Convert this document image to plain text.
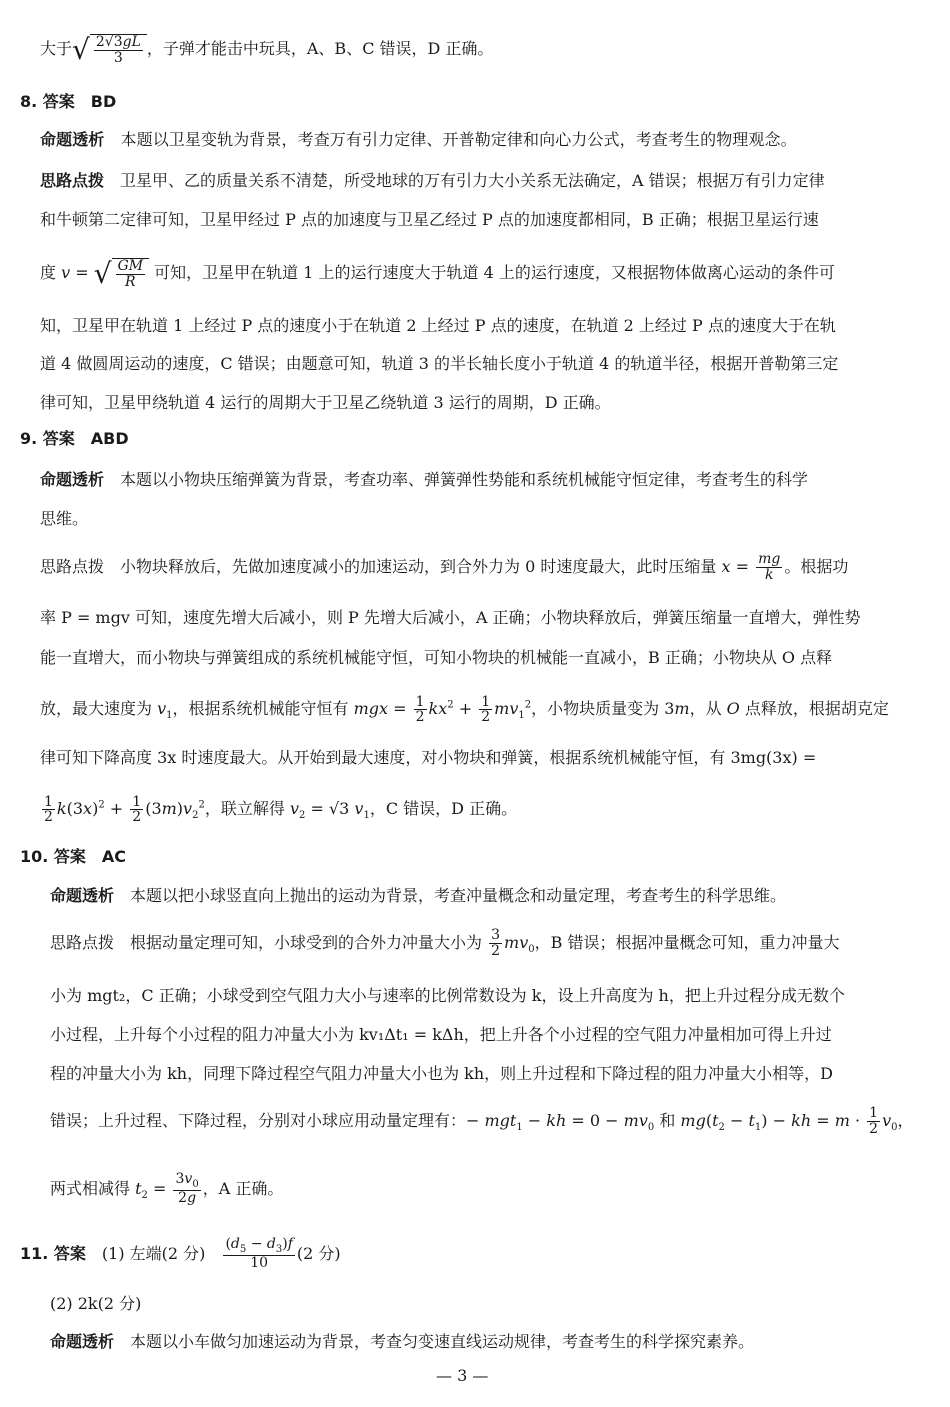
大于√ $\frac{2√3gL}{3}$ ，子弹才能击中玩具，A、B、C 错误，D 正确。
8. 答案　BD
命题透析　本题以卫星变轨为背景，考查万有引力定律、开普勒定律和向心力公式，考查考生的物理观念。
思路点拨　卫星甲、乙的质量关系不清楚，所受地球的万有引力大小关系无法确定，A 错误；根据万有引力定律
和牛顿第二定律可知，卫星甲经过 P 点的加速度与卫星乙经过 P 点的加速度都相同，B 正确；根据卫星运行速
度 v = √ $\frac{GM}{R}$ 可知，卫星甲在轨道 1 上的运行速度大于轨道 4 上的运行速度，又根据物体做离心运动的条件可
知，卫星甲在轨道 1 上经过 P 点的速度小于在轨道 2 上经过 P 点的速度，在轨道 2 上经过 P 点的速度大于在轨
道 4 做圆周运动的速度，C 错误；由题意可知，轨道 3 的半长轴长度小于轨道 4 的轨道半径，根据开普勒第三定
律可知，卫星甲绕轨道 4 运行的周期大于卫星乙绕轨道 3 运行的周期，D 正确。
9. 答案　ABD
命题透析　本题以小物块压缩弹簧为背景，考查功率、弹簧弹性势能和系统机械能守恒定律，考查考生的科学
思维。
思路点拨　小物块释放后，先做加速度减小的加速运动，到合外力为 0 时速度最大，此时压缩量 $x = \frac{mg}{k}$ 。根据功
率 P = mgv 可知，速度先增大后减小，则 P 先增大后减小，A 正确；小物块释放后，弹簧压缩量一直增大，弹性势
能一直增大，而小物块与弹簧组成的系统机械能守恒，可知小物块的机械能一直减小，B 正确；小物块从 O 点释
放，最大速度为 $v_1$，根据系统机械能守恒有 mgx = $\frac{1}{2} kx^2 + \frac{1}{2} mv_1^2$，小物块质量变为 3m，从 O 点释放，根据胡克定
律可知下降高度 3x 时速度最大。从开始到最大速度，对小物块和弹簧，根据系统机械能守恒，有 3mg(3x) =
$\frac{1}{2} k(3x)^2 + \frac{1}{2} (3m)v_2^2$，联立解得 $v_2 = √3$ $v_1$，C 错误，D 正确。
10. 答案　AC
命题透析　本题以把小球竖直向上抛出的运动为背景，考查冲量概念和动量定理，考查考生的科学思维。
思路点拨　根据动量定理可知，小球受到的合外力冲量大小为 $\frac{3}{2} mv_0$，B 错误；根据冲量概念可知，重力冲量大
小为 mgt₂，C 正确；小球受到空气阻力大小与速率的比例常数设为 k，设上升高度为 h，把上升过程分成无数个
小过程，上升每个小过程的阻力冲量大小为 kv₁Δt₁ = kΔh，把上升各个小过程的空气阻力冲量相加可得上升过
程的冲量大小为 kh，同理下降过程空气阻力冲量大小也为 kh，则上升过程和下降过程的阻力冲量大小相等，D
错误；上升过程、下降过程，分别对小球应用动量定理有：− mgt$_1$ − kh = $0 - mv_0$ 和 $mg(t_2 - t_1)$ − kh = $m \cdot \frac{1}{2} v_0$，
两式相减得 $t_2 = \frac{3v_0}{2g}$ ，A 正确。
11. 答案　(1) 左端(2 分)　 $\frac{(d_5 - d_3)f}{10} (2$ 分)
(2) 2k(2 分)
命题透析　本题以小车做匀加速运动为背景，考查匀变速直线运动规律，考查考生的科学探究素养。
— 3 —
